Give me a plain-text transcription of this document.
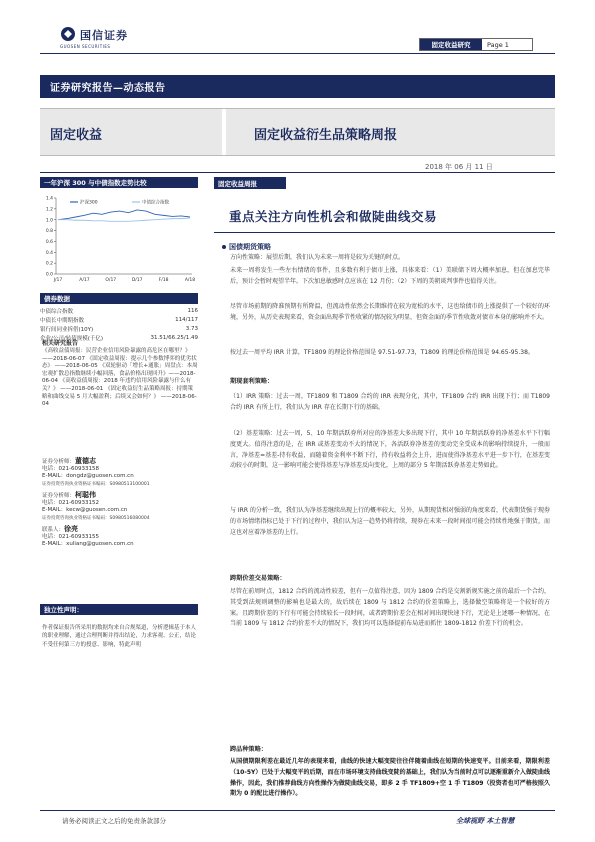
国信证券
GUOSEN SECURITIES	固定收益研究	Page 1
证券研究报告—动态报告
固定收益	固定收益衍生品策略周报
2018 年 06 月 11 日
一年沪深 300 与中债指数走势比较
0.0
0.2
0.4
0.6
0.8
1.0
1.2
1.4
J/17	A/17	O/17	D/17	F/18	A/18
沪深300	中债综合指数
债券数据
中债综合指数	116
中债长中期期指数	114/117
银行间同业拆借(10Y)	3.73
企业/公司/转债规模(千亿)	31.51/66.25/1.49
相关研究报告
《高收益债周报：民营企业信用风险暴露的高危区在哪里？》 ——2018-06-07 《固定收益周报：提示几个参数博弈的优劣状态》 ——2018-06-05 《双轮驱动「增长+通胀」周盘点：本周宏观扩散总指数继续小幅回落，食品价格出现回升》——2018-06-04 《高收益债周报：2018 年违约信用风险暴露与什么有关？》 ——2018-06-01 《固定收益衍生品策略周报：持期策略和曲线交易 5 月大幅盈利；后续又会如何？》 ——2018-06-04
证券分析师：董德志
电话：021-60933158
E-MAIL：dongdz@guosen.com.cn
证券投资咨询执业资格证书编码：S0980513100001
证券分析师：柯聪伟
电话：021-60933152
E-MAIL：kecw@guosen.com.cn
证券投资咨询执业资格证书编码：S0980516080004
联系人：徐亮
电话：021-60933155
E-MAIL：xuliang@guosen.com.cn
独立性声明：
作者保证报告所采用的数据均来自合规渠道，分析逻辑基于本人的职业理解，通过合理判断并得出结论，力求客观、公正，结论不受任何第三方的授意、影响，特此声明
固定收益周报
重点关注方向性机会和做陡曲线交易
国债期货策略
方向性策略：展望后期，我们认为未来一周将是较为关键的时点。
未来一周将发生一些左右情绪的事件，且多数有利于债市上涨，具体来看：（1）美联储下周大概率加息，但在加息完毕后，预计会暂时观望半年。下次加息敏感时点应该在 12 月份；（2）下周的美朝谈判事件也值得关注。
尽管市场前期的降准预期有所降温，但流动性依然会长期维持在较为宽松的水平，这也给债市的上涨提供了一个较好的环境，另外，从历史表现来看，资金面出现季节性收紧的情况较为明显，但资金面的季节性收敛对债市本身的影响并不大。
按过去一周平均 IRR 计算，TF1809 的理论价格范围是 97.51-97.73，T1809 的理论价格范围是 94.65-95.38。
期现套利策略：
（1）IRR 策略：过去一周，TF1809 和 T1809 合约的 IRR 表现分化，其中，TF1809 合约 IRR 出现下行；而 T1809 合约 IRR 有所上行，我们认为 IRR 存在长期下行的基础。
（2）基差策略：过去一周，5、10 年期活跃券所对应的净基差大多出现下行，其中 10 年期活跃券的净基差水平下行幅度更大。值得注意的是，在 IRR 或基差变动不大的情况下，各活跃券净基差的变动完全受成本的影响持续提升，一般而言，净基差=基差-持有收益，而随着资金利率不断下行，持有收益将会上升，进而使得净基差水平进一步下行，在基差变动较小的时期，这一影响可能会使得基差与净基差反向变化，上周的部分 5 年期活跃券基差走势如此。
与 IRR 的分析一致，我们认为净基差继续出现上行的概率较大，另外，从期现货相对强弱的角度来看，代表期货强于现券的市场情绪指标已处于下行的过程中，我们认为这一趋势仍将持续，现券在未来一段时间很可能会持续性地强于期货，而这也对应着净基差的上行。
跨期价差交易策略：
尽管在前周时点，1812 合约的流动性较差，但有一点值得注意，因为 1809 合约是交割新规实施之前的最后一个合约，其受到法规则调整的影响也是最大的，故后续在 1809 与 1812 合约的价差策略上，选择做空策略将是一个较好的方案。且跨期价差的下行有可能会持续较长一段时间，或者跨期价差会在相对间出现快速下行，无论是上述哪一种情况，在当前 1809 与 1812 合约价差不大的情况下，我们均可以选择提前布局进而抓住 1809-1812 价差下行的机会。
跨品种策略：
从国债期限利差在最近几年的表现来看，曲线的快速大幅变陡往往伴随着曲线在短期的快速变平。目前来看，期限利差（10-5Y）已处于大幅变平的后期，而在市场环境支持曲线变陡的基础上，我们认为当前时点可以逐渐重新介入做陡曲线操作，因此，我们推荐曲线方向性操作为做陡曲线交易，即多 2 手 TF1809+空 1 手 T1809（投资者也可严格按照久期为 0 的配比进行操作）。
请务必阅读正文之后的免责条款部分	全球视野 本土智慧
